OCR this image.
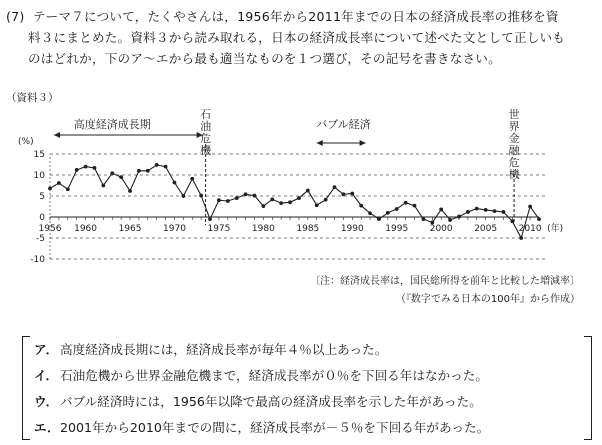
(7) テーマ７について，たくやさんは，1956年から2011年までの日本の経済成長率の推移を資
料３にまとめた。資料３から読み取れる，日本の経済成長率について述べた文として正しいも
のはどれか，下のア～エから最も適当なものを１つ選び，その記号を書きなさい。
（資料３）
15
10
5
0
-5
-10
(%)
1956 1960 1965 1970 1975 1980 1985 1990 1995 2000 2005 2010 (年)
高度経済成長期
石
油
危
機
バブル経済
世
界
金
融
危
機
〔注：経済成長率は，国民総所得を前年と比較した増減率〕
（『数字でみる日本の100年』から作成）
ア． 高度経済成長期には，経済成長率が毎年４％以上あった。
イ． 石油危機から世界金融危機まで，経済成長率が０％を下回る年はなかった。
ウ． バブル経済時には，1956年以降で最高の経済成長率を示した年があった。
エ．2001年から2010年までの間に，経済成長率が－５％を下回る年があった。
